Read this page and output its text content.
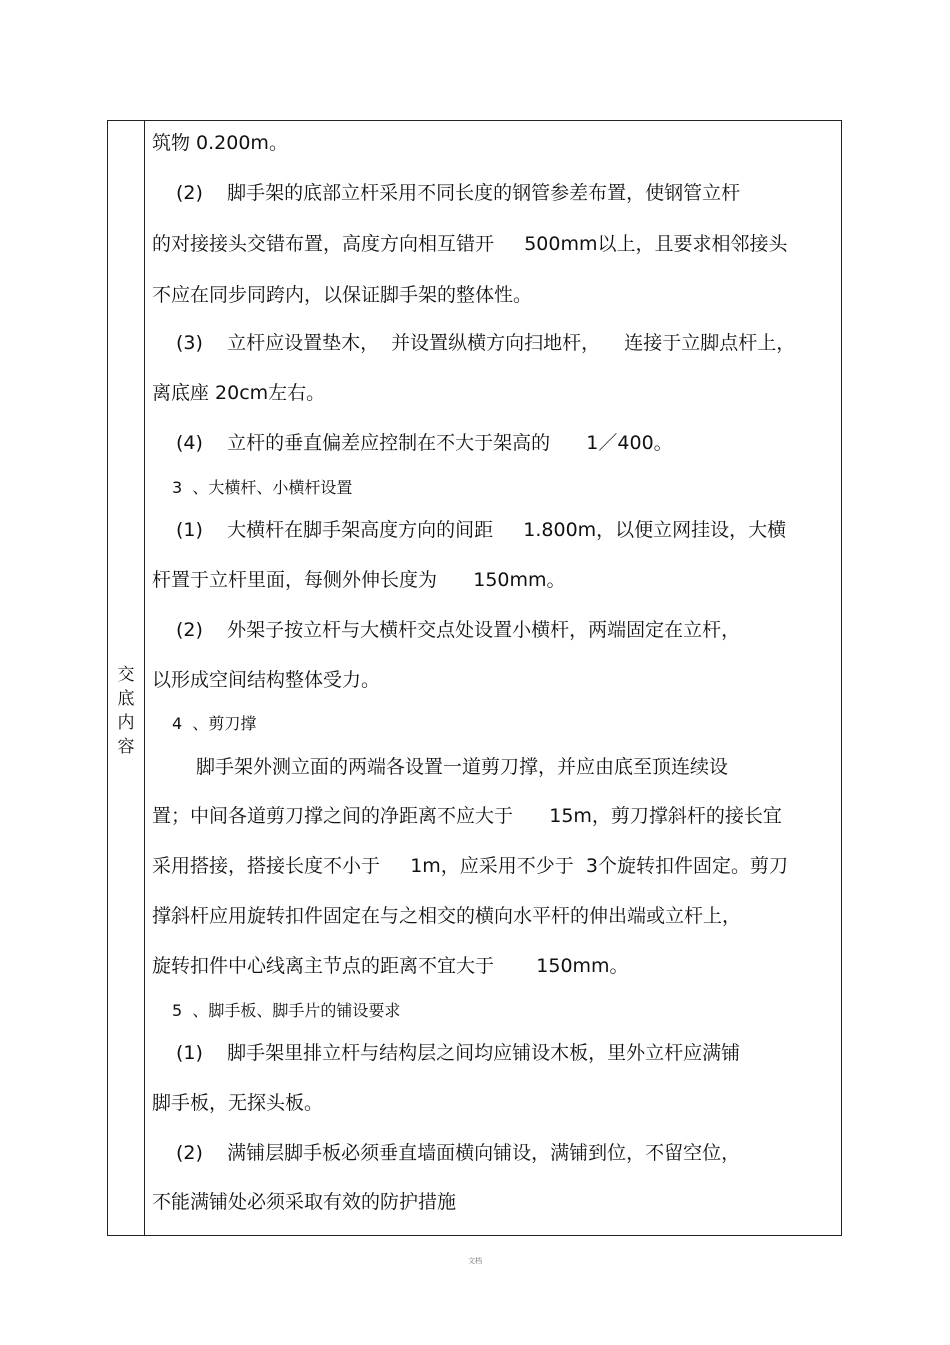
交
底
内
容
筑物 0.200m。
(2)    脚手架的底部立杆采用不同长度的钢管参差布置，使钢管立杆
的对接接头交错布置，高度方向相互错开     500mm以上，且要求相邻接头
不应在同步同跨内，以保证脚手架的整体性。
(3)    立杆应设置垫木，  并设置纵横方向扫地杆，    连接于立脚点杆上，
离底座 20cm左右。
(4)    立杆的垂直偏差应控制在不大于架高的      1／400。
3  、大横杆、小横杆设置
(1)    大横杆在脚手架高度方向的间距     1.800m，以便立网挂设，大横
杆置于立杆里面，每侧外伸长度为      150mm。
(2)    外架子按立杆与大横杆交点处设置小横杆，两端固定在立杆，
以形成空间结构整体受力。
4  、剪刀撑
脚手架外测立面的两端各设置一道剪刀撑，并应由底至顶连续设
置；中间各道剪刀撑之间的净距离不应大于      15m，剪刀撑斜杆的接长宜
采用搭接，搭接长度不小于     1m，应采用不少于  3个旋转扣件固定。剪刀
撑斜杆应用旋转扣件固定在与之相交的横向水平杆的伸出端或立杆上，
旋转扣件中心线离主节点的距离不宜大于       150mm。
5  、脚手板、脚手片的铺设要求
(1)    脚手架里排立杆与结构层之间均应铺设木板，里外立杆应满铺
脚手板，无探头板。
(2)    满铺层脚手板必须垂直墙面横向铺设，满铺到位，不留空位，
不能满铺处必须采取有效的防护措施
文档
